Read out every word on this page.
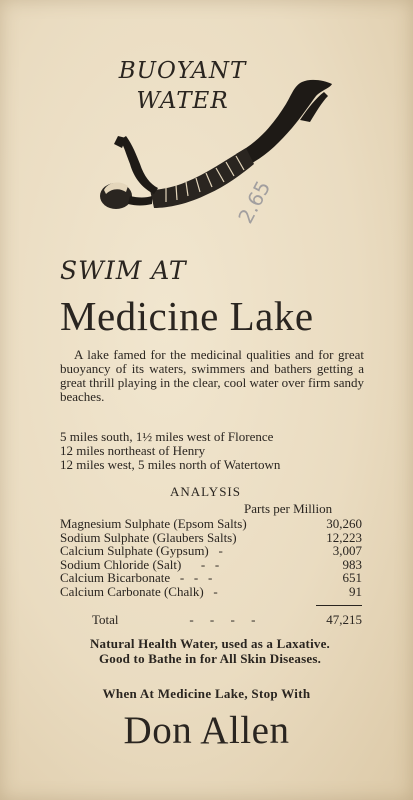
BUOYANT
WATER
2.65
SWIM AT
Medicine Lake

A lake famed for the medicinal qualities and for great buoyancy of its waters, swimmers and bathers getting a great thrill playing in the clear, cool water over firm sandy beaches.

5 miles south, 1½ miles west of Florence
12 miles northeast of Henry
12 miles west, 5 miles north of Watertown
ANALYSIS
Parts per Million
Magnesium Sulphate (Epsom Salts)	30,260
Sodium Sulphate (Glaubers Salts)	12,223
Calcium Sulphate (Gypsum)   -	3,007
Sodium Chloride (Salt)      -   -	983
Calcium Bicarbonate   -   -   -	651
Calcium Carbonate (Chalk)   -	91
Total	-     -     -     -	47,215
Natural Health Water, used as a Laxative.
Good to Bathe in for All Skin Diseases.
When At Medicine Lake, Stop With
Don Allen
